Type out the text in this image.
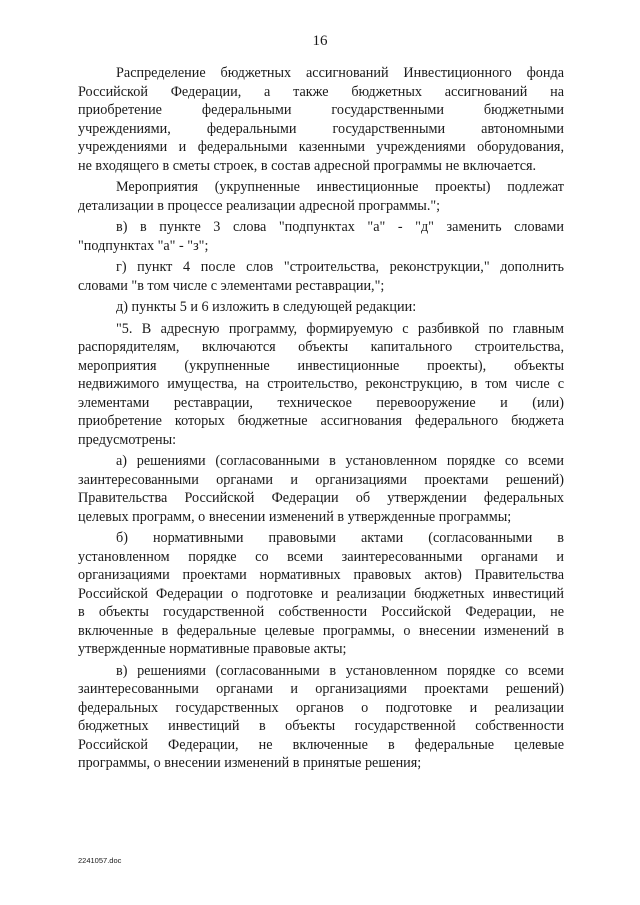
16
Распределение бюджетных ассигнований Инвестиционного фонда
Российской Федерации, а также бюджетных ассигнований на
приобретение федеральными государственными бюджетными
учреждениями, федеральными государственными автономными
учреждениями и федеральными казенными учреждениями оборудования,
не входящего в сметы строек, в состав адресной программы не включается.
Мероприятия (укрупненные инвестиционные проекты) подлежат
детализации в процессе реализации адресной программы.";
в) в пункте 3 слова "подпунктах "а" - "д" заменить словами
"подпунктах "а" - "з";
г) пункт 4 после слов "строительства, реконструкции," дополнить
словами "в том числе с элементами реставрации,";
д) пункты 5 и 6 изложить в следующей редакции:
"5. В адресную программу, формируемую с разбивкой по главным
распорядителям, включаются объекты капитального строительства,
мероприятия (укрупненные инвестиционные проекты), объекты
недвижимого имущества, на строительство, реконструкцию, в том числе с
элементами реставрации, техническое перевооружение и (или)
приобретение которых бюджетные ассигнования федерального бюджета
предусмотрены:
а) решениями (согласованными в установленном порядке со всеми
заинтересованными органами и организациями проектами решений)
Правительства Российской Федерации об утверждении федеральных
целевых программ, о внесении изменений в утвержденные программы;
б) нормативными правовыми актами (согласованными в
установленном порядке со всеми заинтересованными органами и
организациями проектами нормативных правовых актов) Правительства
Российской Федерации о подготовке и реализации бюджетных инвестиций
в объекты государственной собственности Российской Федерации, не
включенные в федеральные целевые программы, о внесении изменений в
утвержденные нормативные правовые акты;
в) решениями (согласованными в установленном порядке со всеми
заинтересованными органами и организациями проектами решений)
федеральных государственных органов о подготовке и реализации
бюджетных инвестиций в объекты государственной собственности
Российской Федерации, не включенные в федеральные целевые
программы, о внесении изменений в принятые решения;
2241057.doc
